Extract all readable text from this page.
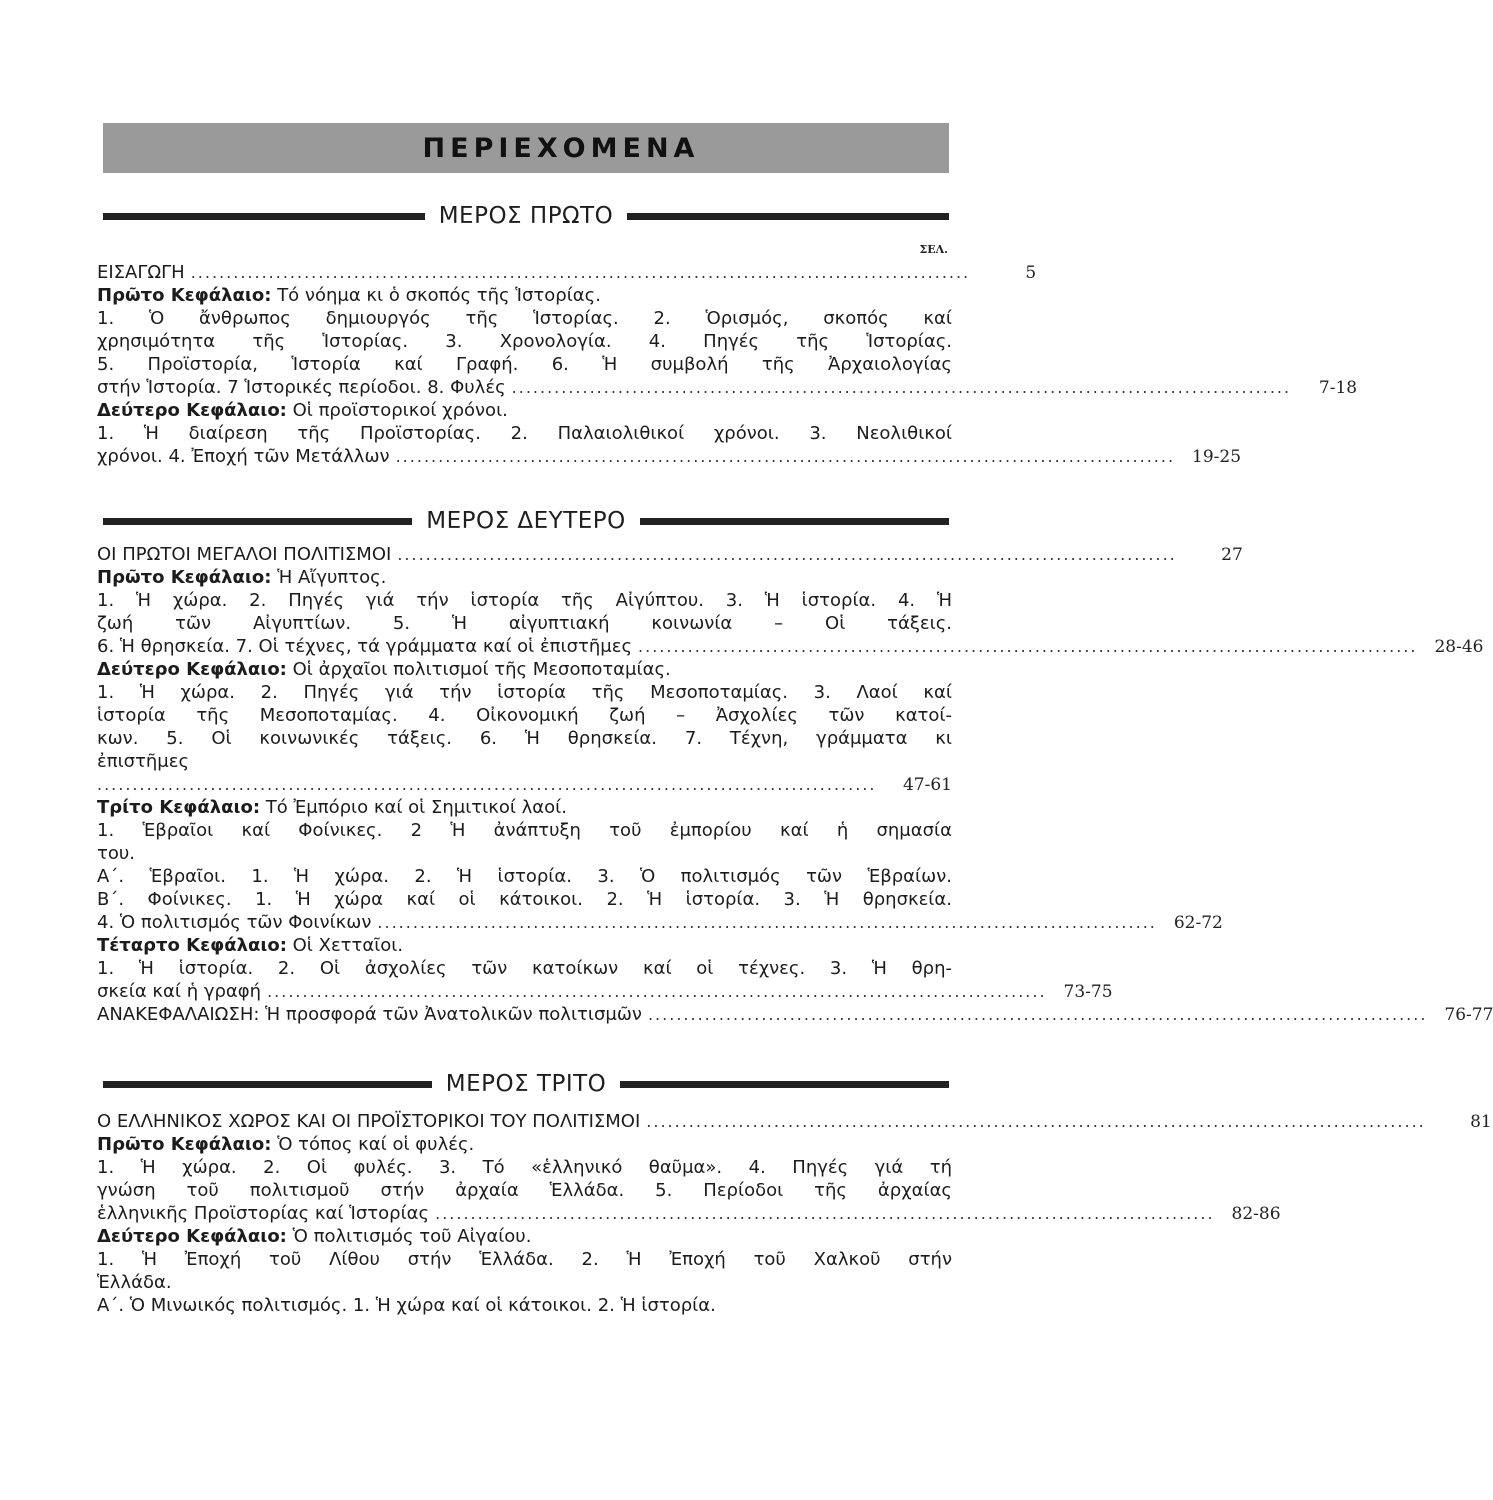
ΠΕΡΙΕΧΟΜΕΝΑ
ΜΕΡΟΣ ΠΡΩΤΟ
ΣΕΛ.
ΕΙΣΑΓΩΓΗ ..............................................................................................................	5
Πρῶτο Κεφάλαιο: Τό νόημα κι ὁ σκοπός τῆς Ἱστορίας.
1. Ὁ ἄνθρωπος δημιουργός τῆς Ἱστορίας. 2. Ὁρισμός, σκοπός καί
χρησιμότητα τῆς Ἱστορίας. 3. Χρονολογία. 4. Πηγές τῆς Ἱστορίας.
5. Προϊστορία, Ἱστορία καί Γραφή. 6. Ἡ συμβολή τῆς Ἀρχαιολογίας
στήν Ἱστορία. 7 Ἱστορικές περίοδοι. 8. Φυλές ..............................................................................................................	7-18
Δεύτερο Κεφάλαιο: Οἱ προϊστορικοί χρόνοι.
1. Ἡ διαίρεση τῆς Προϊστορίας. 2. Παλαιολιθικοί χρόνοι. 3. Νεολιθικοί
χρόνοι. 4. Ἐποχή τῶν Μετάλλων .............................................................................................................. 19-25
ΜΕΡΟΣ ΔΕΥΤΕΡΟ
ΟΙ ΠΡΩΤΟΙ ΜΕΓΑΛΟΙ ΠΟΛΙΤΙΣΜΟΙ ..............................................................................................................	27
Πρῶτο Κεφάλαιο: Ἡ Αἴγυπτος.
1. Ἡ χώρα. 2. Πηγές γιά τήν ἱστορία τῆς Αἰγύπτου. 3. Ἡ ἱστορία. 4. Ἡ
ζωή τῶν Αἰγυπτίων. 5. Ἡ αἰγυπτιακή κοινωνία – Οἱ τάξεις.
6. Ἡ θρησκεία. 7. Οἱ τέχνες, τά γράμματα καί οἱ ἐπιστῆμες .............................................................................................................. 28-46
Δεύτερο Κεφάλαιο: Οἱ ἀρχαῖοι πολιτισμοί τῆς Μεσοποταμίας.
1. Ἡ χώρα. 2. Πηγές γιά τήν ἱστορία τῆς Μεσοποταμίας. 3. Λαοί καί
ἱστορία τῆς Μεσοποταμίας. 4. Οἰκονομική ζωή – Ἀσχολίες τῶν κατοί-
κων. 5. Οἱ κοινωνικές τάξεις. 6. Ἡ θρησκεία. 7. Τέχνη, γράμματα κι
ἐπιστῆμες
..............................................................................................................	47-61
Τρίτο Κεφάλαιο: Τό Ἐμπόριο καί οἱ Σημιτικοί λαοί.
1. Ἑβραῖοι καί Φοίνικες. 2 Ἡ ἀνάπτυξη τοῦ ἐμπορίου καί ἡ σημασία
του.
Α΄. Ἑβραῖοι. 1. Ἡ χώρα. 2. Ἡ ἱστορία. 3. Ὁ πολιτισμός τῶν Ἑβραίων.
Β΄. Φοίνικες. 1. Ἡ χώρα καί οἱ κάτοικοι. 2. Ἡ ἱστορία. 3. Ἡ θρησκεία.
4. Ὁ πολιτισμός τῶν Φοινίκων .............................................................................................................. 62-72
Τέταρτο Κεφάλαιο: Οἱ Χετταῖοι.
1. Ἡ ἱστορία. 2. Οἱ ἀσχολίες τῶν κατοίκων καί οἱ τέχνες. 3. Ἡ θρη-
σκεία καί ἡ γραφή .............................................................................................................. 73-75
ΑΝΑΚΕΦΑΛΑΙΩΣΗ: Ἡ προσφορά τῶν Ἀνατολικῶν πολιτισμῶν .............................................................................................................. 76-77
ΜΕΡΟΣ ΤΡΙΤΟ
Ο ΕΛΛΗΝΙΚΟΣ ΧΩΡΟΣ ΚΑΙ ΟΙ ΠΡΟΪΣΤΟΡΙΚΟΙ ΤΟΥ ΠΟΛΙΤΙΣΜΟΙ ..............................................................................................................	81
Πρῶτο Κεφάλαιο: Ὁ τόπος καί οἱ φυλές.
1. Ἡ χώρα. 2. Οἱ φυλές. 3. Τό «ἑλληνικό θαῦμα». 4. Πηγές γιά τή
γνώση τοῦ πολιτισμοῦ στήν ἀρχαία Ἑλλάδα. 5. Περίοδοι τῆς ἀρχαίας
ἑλληνικῆς Προϊστορίας καί Ἱστορίας .............................................................................................................. 82-86
Δεύτερο Κεφάλαιο: Ὁ πολιτισμός τοῦ Αἰγαίου.
1. Ἡ Ἐποχή τοῦ Λίθου στήν Ἑλλάδα. 2. Ἡ Ἐποχή τοῦ Χαλκοῦ στήν
Ἑλλάδα.
Α΄. Ὁ Μινωικός πολιτισμός. 1. Ἡ χώρα καί οἱ κάτοικοι. 2. Ἡ ἱστορία.
